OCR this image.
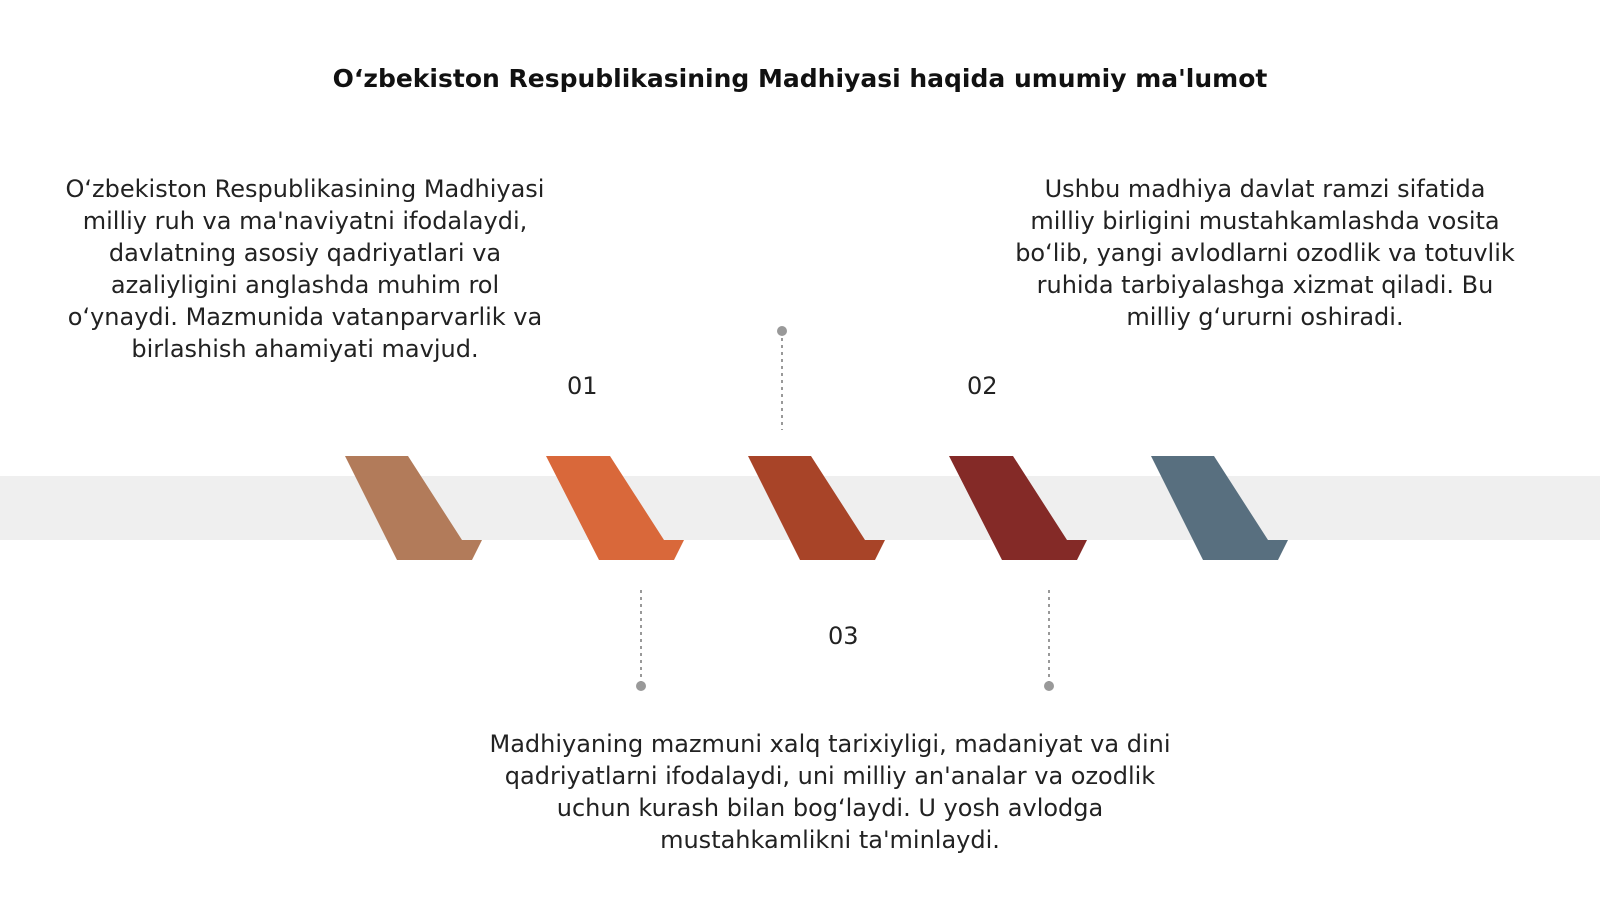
O‘zbekiston Respublikasining Madhiyasi haqida umumiy ma'lumot
O‘zbekiston Respublikasining Madhiyasi milliy ruh va ma'naviyatni ifodalaydi, davlatning asosiy qadriyatlari va azaliyligini anglashda muhim rol o‘ynaydi. Mazmunida vatanparvarlik va birlashish ahamiyati mavjud.
Ushbu madhiya davlat ramzi sifatida milliy birligini mustahkamlashda vosita bo‘lib, yangi avlodlarni ozodlik va totuvlik ruhida tarbiyalashga xizmat qiladi. Bu milliy g‘ururni oshiradi.
Madhiyaning mazmuni xalq tarixiyligi, madaniyat va dini qadriyatlarni ifodalaydi, uni milliy an'analar va ozodlik uchun kurash bilan bog‘laydi. U yosh avlodga mustahkamlikni ta'minlaydi.
01	02
03
